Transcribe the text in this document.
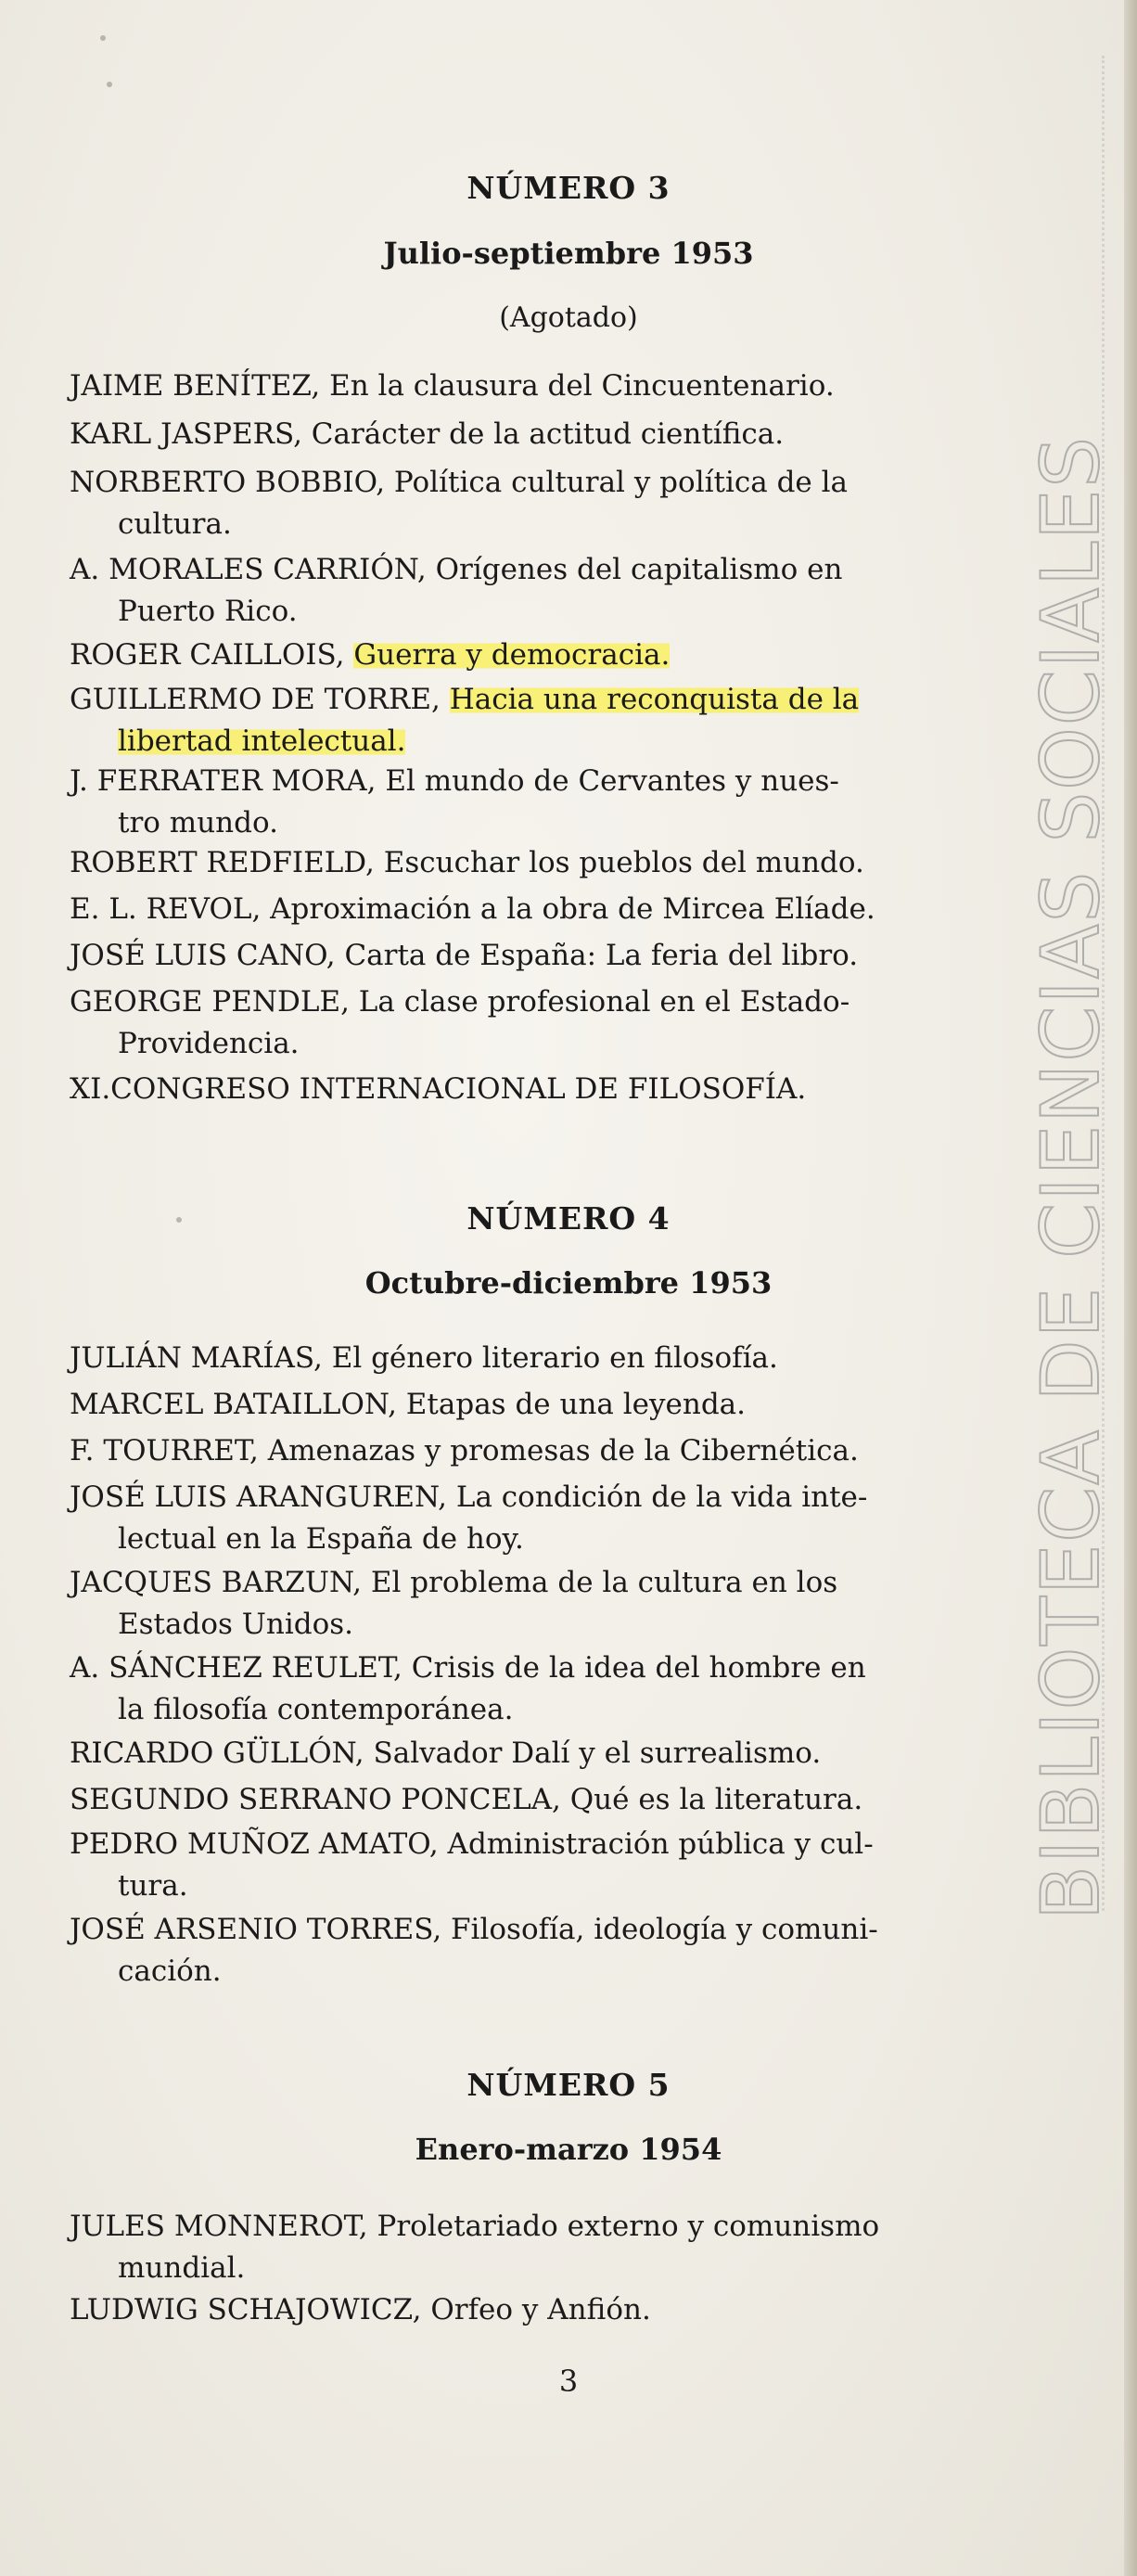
NÚMERO 3
Julio-septiembre 1953
(Agotado)
JAIME BENÍTEZ, En la clausura del Cincuentenario.
KARL JASPERS, Carácter de la actitud científica.
NORBERTO BOBBIO, Política cultural y política de la
cultura.
A. MORALES CARRIÓN, Orígenes del capitalismo en
Puerto Rico.
ROGER CAILLOIS, Guerra y democracia.
GUILLERMO DE TORRE, Hacia una reconquista de la
libertad intelectual.
J. FERRATER MORA, El mundo de Cervantes y nues-
tro mundo.
ROBERT REDFIELD, Escuchar los pueblos del mundo.
E. L. REVOL, Aproximación a la obra de Mircea Elíade.
JOSÉ LUIS CANO, Carta de España: La feria del libro.
GEORGE PENDLE, La clase profesional en el Estado-
Providencia.
XI.CONGRESO INTERNACIONAL DE FILOSOFÍA.
NÚMERO 4
Octubre-diciembre 1953
JULIÁN MARÍAS, El género literario en filosofía.
MARCEL BATAILLON, Etapas de una leyenda.
F. TOURRET, Amenazas y promesas de la Cibernética.
JOSÉ LUIS ARANGUREN, La condición de la vida inte-
lectual en la España de hoy.
JACQUES BARZUN, El problema de la cultura en los
Estados Unidos.
A. SÁNCHEZ REULET, Crisis de la idea del hombre en
la filosofía contemporánea.
RICARDO GÜLLÓN, Salvador Dalí y el surrealismo.
SEGUNDO SERRANO PONCELA, Qué es la literatura.
PEDRO MUÑOZ AMATO, Administración pública y cul-
tura.
JOSÉ ARSENIO TORRES, Filosofía, ideología y comuni-
cación.
NÚMERO 5
Enero-marzo 1954
JULES MONNEROT, Proletariado externo y comunismo
mundial.
LUDWIG SCHAJOWICZ, Orfeo y Anfión.
3
BIBLIOTECA DE CIENCIAS SOCIALES
